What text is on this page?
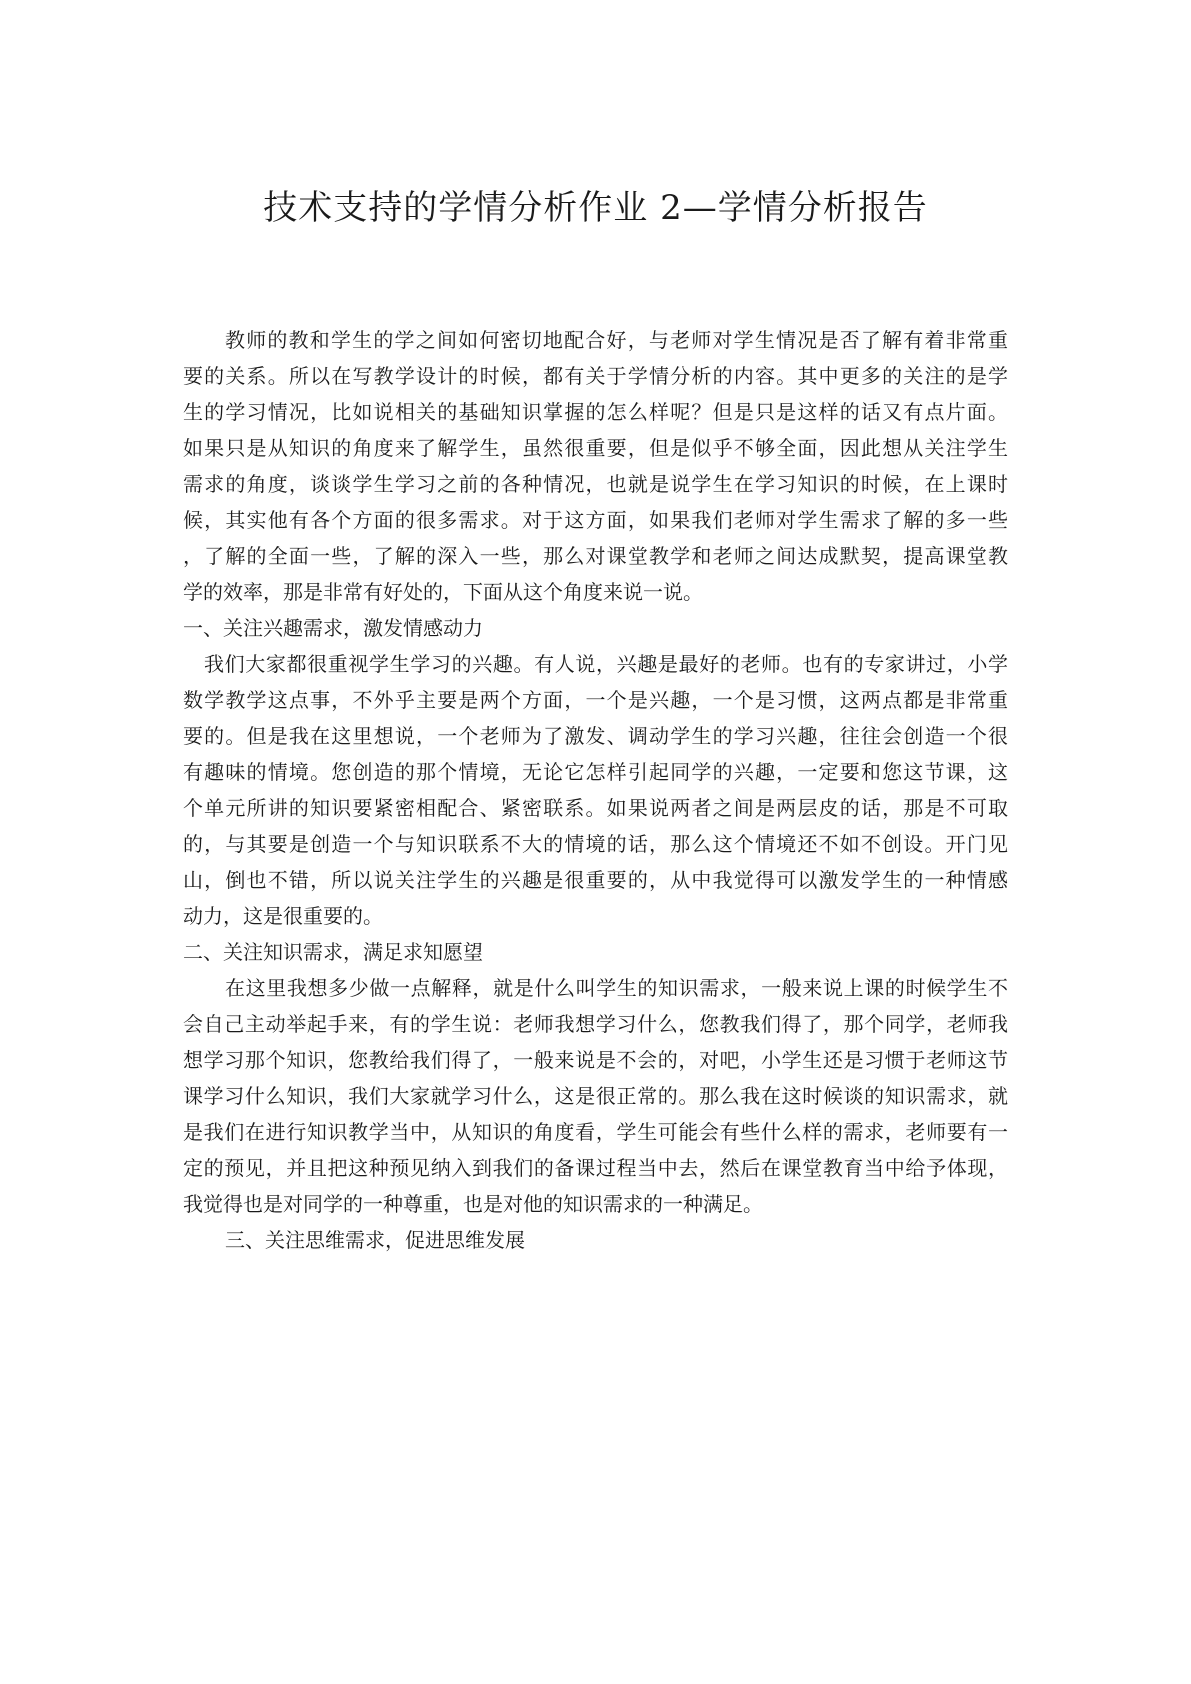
技术支持的学情分析作业 2—学情分析报告
教师的教和学生的学之间如何密切地配合好，与老师对学生情况是否了解有着非常重
要的关系。所以在写教学设计的时候，都有关于学情分析的内容。其中更多的关注的是学
生的学习情况，比如说相关的基础知识掌握的怎么样呢？但是只是这样的话又有点片面。
如果只是从知识的角度来了解学生，虽然很重要，但是似乎不够全面，因此想从关注学生
需求的角度，谈谈学生学习之前的各种情况，也就是说学生在学习知识的时候，在上课时
候，其实他有各个方面的很多需求。对于这方面，如果我们老师对学生需求了解的多一些
，了解的全面一些，了解的深入一些，那么对课堂教学和老师之间达成默契，提高课堂教
学的效率，那是非常有好处的，下面从这个角度来说一说。
一、关注兴趣需求，激发情感动力
我们大家都很重视学生学习的兴趣。有人说，兴趣是最好的老师。也有的专家讲过，小学
数学教学这点事，不外乎主要是两个方面，一个是兴趣，一个是习惯，这两点都是非常重
要的。但是我在这里想说，一个老师为了激发、调动学生的学习兴趣，往往会创造一个很
有趣味的情境。您创造的那个情境，无论它怎样引起同学的兴趣，一定要和您这节课，这
个单元所讲的知识要紧密相配合、紧密联系。如果说两者之间是两层皮的话，那是不可取
的，与其要是创造一个与知识联系不大的情境的话，那么这个情境还不如不创设。开门见
山，倒也不错，所以说关注学生的兴趣是很重要的，从中我觉得可以激发学生的一种情感
动力，这是很重要的。
二、关注知识需求，满足求知愿望
在这里我想多少做一点解释，就是什么叫学生的知识需求，一般来说上课的时候学生不
会自己主动举起手来，有的学生说：老师我想学习什么，您教我们得了，那个同学，老师我
想学习那个知识，您教给我们得了，一般来说是不会的，对吧，小学生还是习惯于老师这节
课学习什么知识，我们大家就学习什么，这是很正常的。那么我在这时候谈的知识需求，就
是我们在进行知识教学当中，从知识的角度看，学生可能会有些什么样的需求，老师要有一
定的预见，并且把这种预见纳入到我们的备课过程当中去，然后在课堂教育当中给予体现，
我觉得也是对同学的一种尊重，也是对他的知识需求的一种满足。
三、关注思维需求，促进思维发展
